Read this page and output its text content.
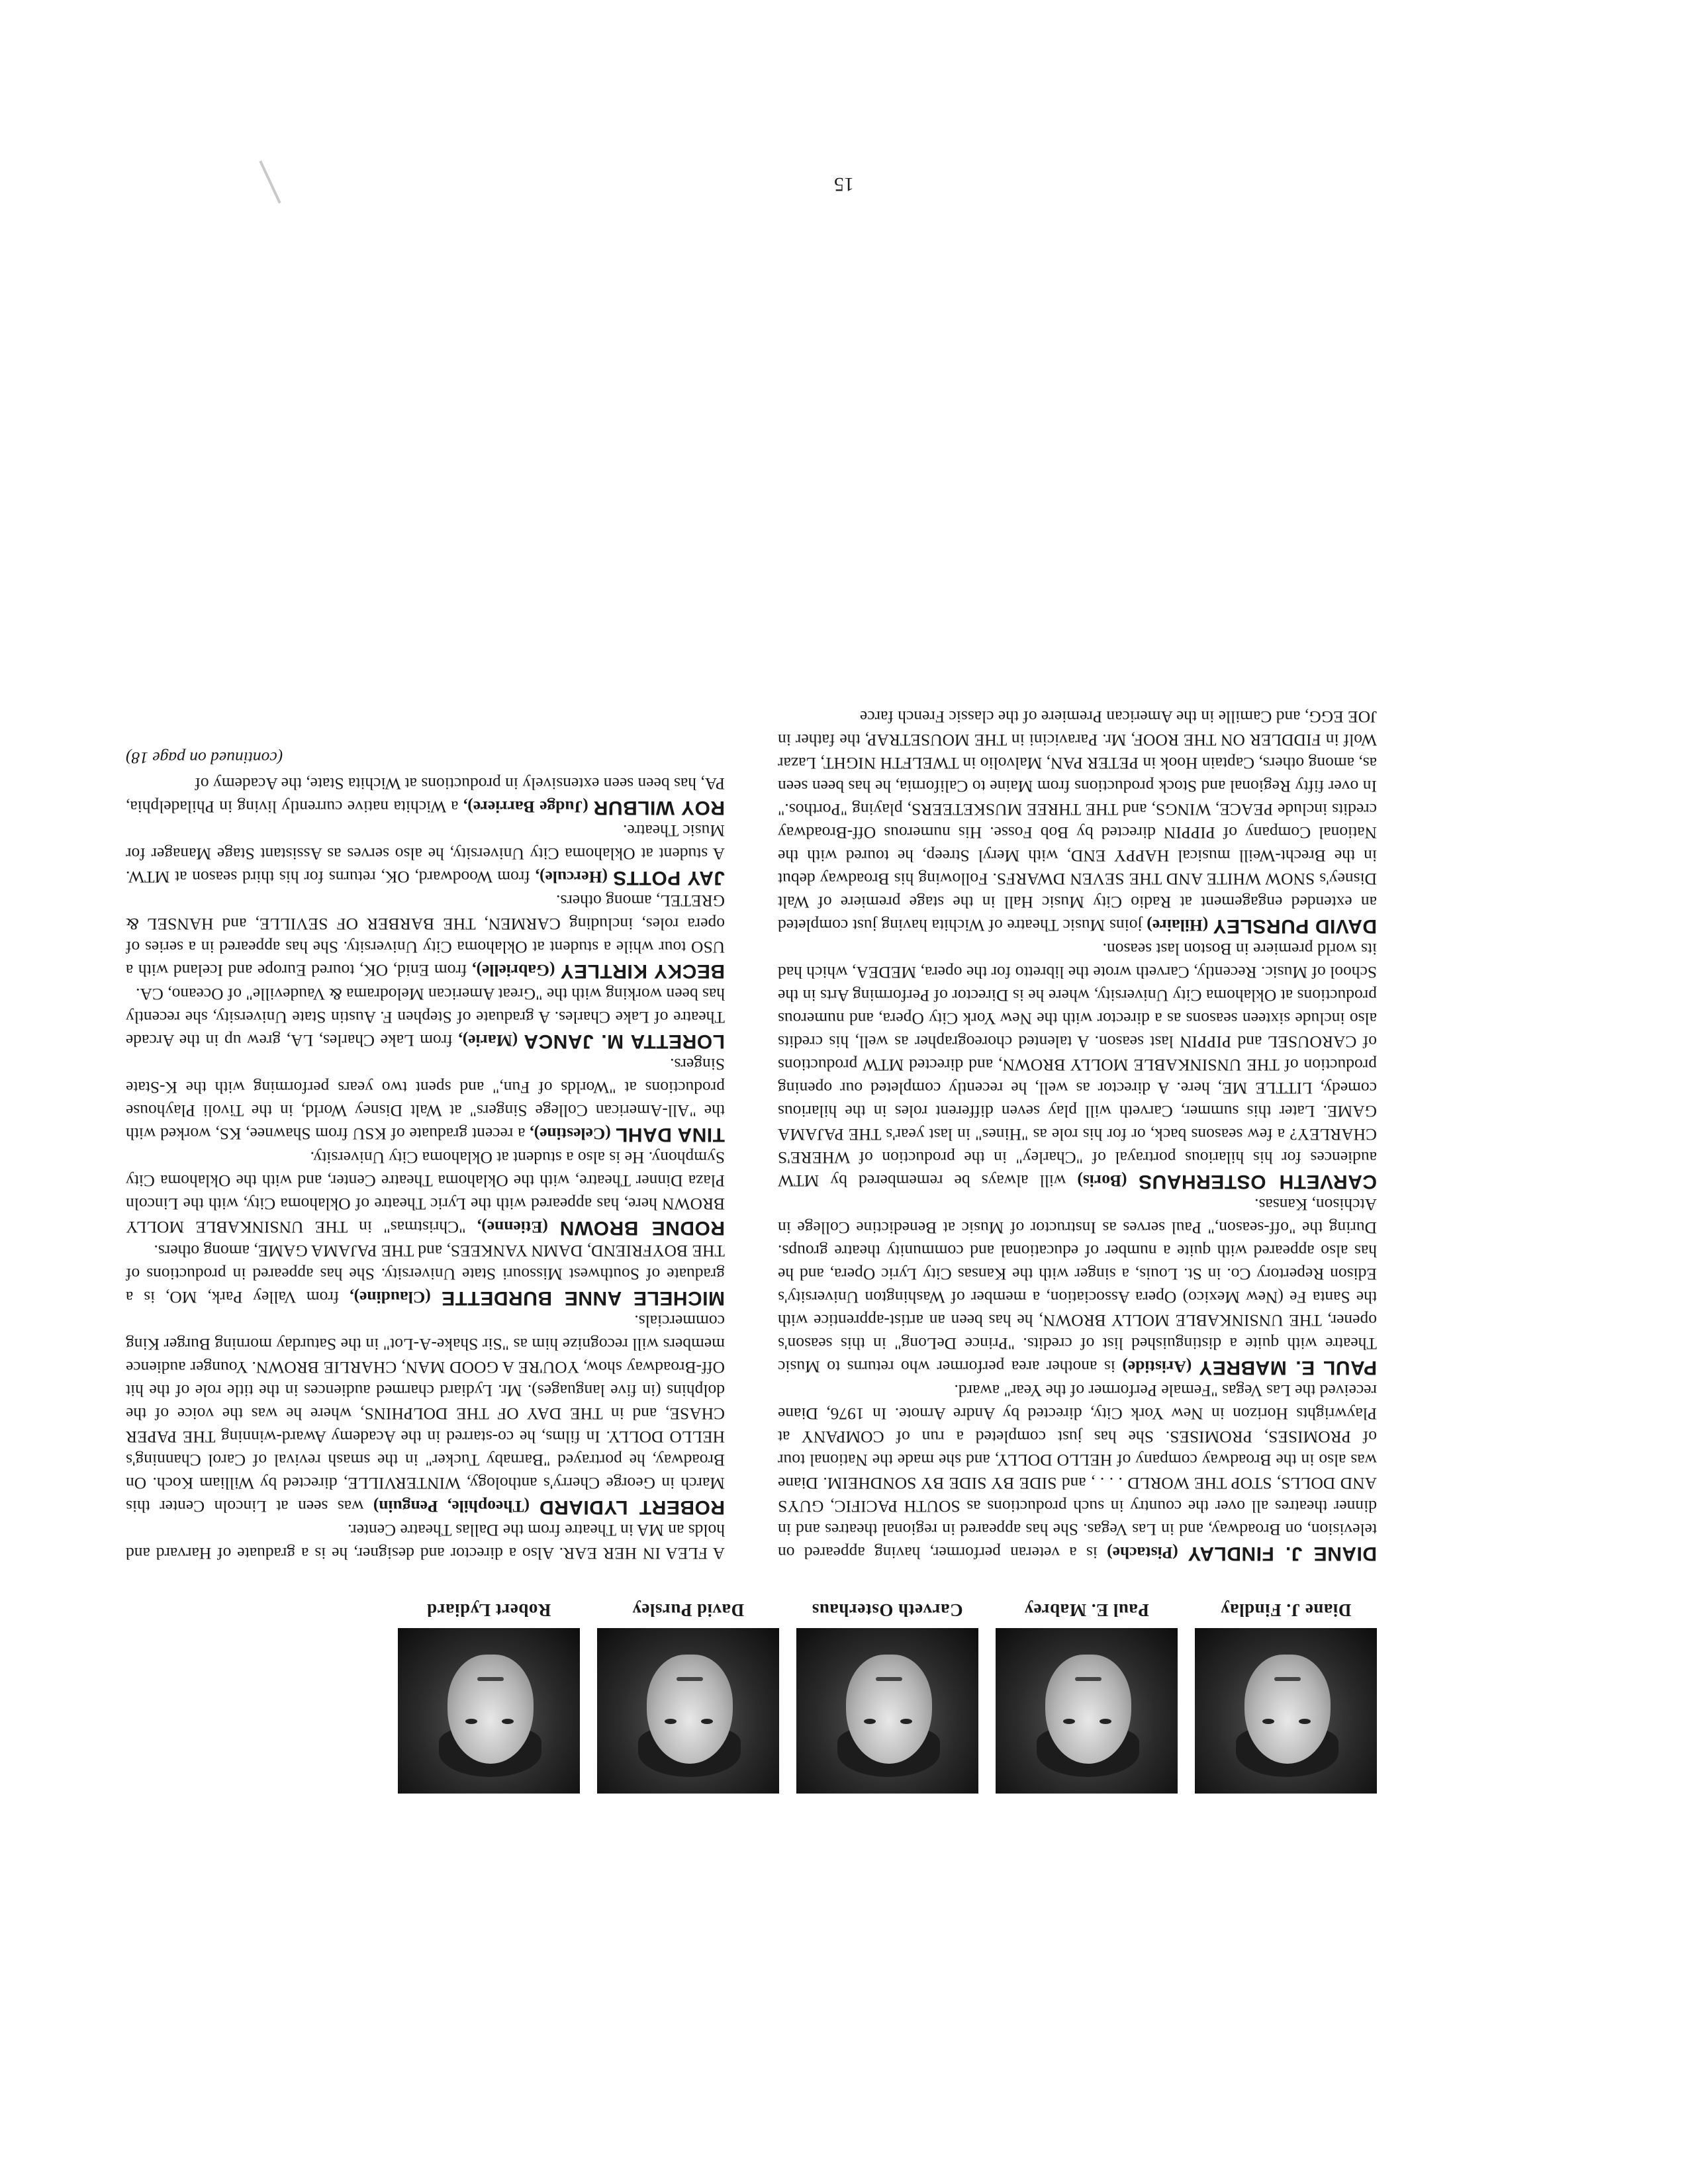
Diane J. Findlay
Paul E. Mabrey
Carveth Osterhaus
David Pursley
Robert Lydiard

DIANE J. FINDLAY (Pistache) is a veteran performer, having appeared on television, on Broadway, and in Las Vegas. She has appeared in regional theatres and in dinner theatres all over the country in such productions as SOUTH PACIFIC, GUYS AND DOLLS, STOP THE WORLD . . . , and SIDE BY SIDE BY SONDHEIM. Diane was also in the Broadway company of HELLO DOLLY, and she made the National tour of PROMISES, PROMISES. She has just completed a run of COMPANY at Playwrights Horizon in New York City, directed by Andre Arnote. In 1976, Diane received the Las Vegas "Female Performer of the Year" award.

PAUL E. MABREY (Aristide) is another area performer who returns to Music Theatre with quite a distinguished list of credits. "Prince DeLong" in this season's opener, THE UNSINKABLE MOLLY BROWN, he has been an artist-apprentice with the Santa Fe (New Mexico) Opera Association, a member of Washington University's Edison Repertory Co. in St. Louis, a singer with the Kansas City Lyric Opera, and he has also appeared with quite a number of educational and community theatre groups. During the "off-season," Paul serves as Instructor of Music at Benedictine College in Atchison, Kansas.

CARVETH OSTERHAUS (Boris) will always be remembered by MTW audiences for his hilarious portrayal of "Charley" in the production of WHERE'S CHARLEY? a few seasons back, or for his role as "Hines" in last year's THE PAJAMA GAME. Later this summer, Carveth will play seven different roles in the hilarious comedy, LITTLE ME, here. A director as well, he recently completed our opening production of THE UNSINKABLE MOLLY BROWN, and directed MTW productions of CAROUSEL and PIPPIN last season. A talented choreographer as well, his credits also include sixteen seasons as a director with the New York City Opera, and numerous productions at Oklahoma City University, where he is Director of Performing Arts in the School of Music. Recently, Carveth wrote the libretto for the opera, MEDEA, which had its world premiere in Boston last season.

DAVID PURSLEY (Hilaire) joins Music Theatre of Wichita having just completed an extended engagement at Radio City Music Hall in the stage premiere of Walt Disney's SNOW WHITE AND THE SEVEN DWARFS. Following his Broadway debut in the Brecht-Weill musical HAPPY END, with Meryl Streep, he toured with the National Company of PIPPIN directed by Bob Fosse. His numerous Off-Broadway credits include PEACE, WINGS, and THE THREE MUSKETEERS, playing "Porthos." In over fifty Regional and Stock productions from Maine to California, he has been seen as, among others, Captain Hook in PETER PAN, Malvolio in TWELFTH NIGHT, Lazar Wolf in FIDDLER ON THE ROOF, Mr. Paravicini in THE MOUSETRAP, the father in JOE EGG, and Camille in the American Premiere of the classic French farce

A FLEA IN HER EAR. Also a director and designer, he is a graduate of Harvard and holds an MA in Theatre from the Dallas Theatre Center.

ROBERT LYDIARD (Theophile, Penguin) was seen at Lincoln Center this March in George Cherry's anthology, WINTERVILLE, directed by William Koch. On Broadway, he portrayed "Barnaby Tucker" in the smash revival of Carol Channing's HELLO DOLLY. In films, he co-starred in the Academy Award-winning THE PAPER CHASE, and in THE DAY OF THE DOLPHINS, where he was the voice of the dolphins (in five languages). Mr. Lydiard charmed audiences in the title role of the hit Off-Broadway show, YOU'RE A GOOD MAN, CHARLIE BROWN. Younger audience members will recognize him as "Sir Shake-A-Lot" in the Saturday morning Burger King commercials.

MICHELE ANNE BURDETTE (Claudine), from Valley Park, MO, is a graduate of Southwest Missouri State University. She has appeared in productions of THE BOYFRIEND, DAMN YANKEES, and THE PAJAMA GAME, among others.

RODNE BROWN (Etienne), "Christmas" in THE UNSINKABLE MOLLY BROWN here, has appeared with the Lyric Theatre of Oklahoma City, with the Lincoln Plaza Dinner Theatre, with the Oklahoma Theatre Center, and with the Oklahoma City Symphony. He is also a student at Oklahoma City University.

TINA DAHL (Celestine), a recent graduate of KSU from Shawnee, KS, worked with the "All-American College Singers" at Walt Disney World, in the Tivoli Playhouse productions at "Worlds of Fun," and spent two years performing with the K-State Singers.

LORETTA M. JANCA (Marie), from Lake Charles, LA, grew up in the Arcade Theatre of Lake Charles. A graduate of Stephen F. Austin State University, she recently has been working with the "Great American Melodrama & Vaudeville" of Oceano, CA.

BECKY KIRTLEY (Gabrielle), from Enid, OK, toured Europe and Iceland with a USO tour while a student at Oklahoma City University. She has appeared in a series of opera roles, including CARMEN, THE BARBER OF SEVILLE, and HANSEL & GRETEL, among others.

JAY POTTS (Hercule), from Woodward, OK, returns for his third season at MTW. A student at Oklahoma City University, he also serves as Assistant Stage Manager for Music Theatre.

ROY WILBUR (Judge Barriere), a Wichita native currently living in Philadelphia, PA, has been seen extensively in productions at Wichita State, the Academy of

(continued on page 18)
15
